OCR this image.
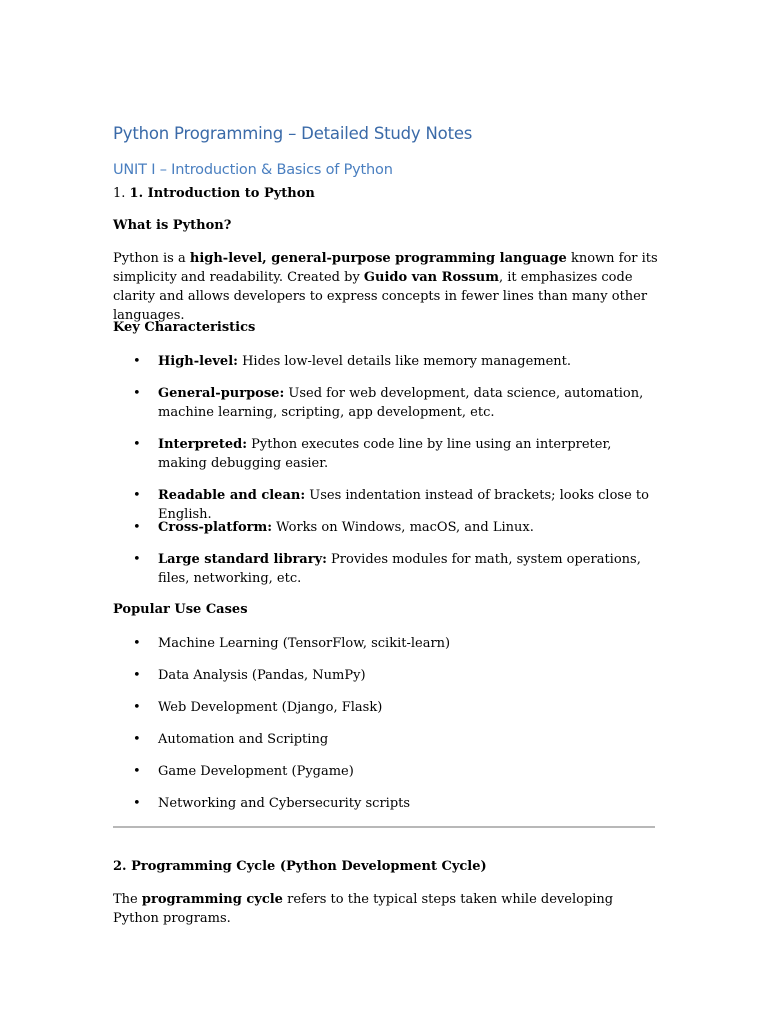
Python Programming – Detailed Study Notes
UNIT I – Introduction & Basics of Python
1. 1. Introduction to Python
What is Python?
Python is a high-level, general-purpose programming language known for its simplicity and readability. Created by Guido van Rossum, it emphasizes code clarity and allows developers to express concepts in fewer lines than many other languages.
Key Characteristics
• High-level: Hides low-level details like memory management.
• General-purpose: Used for web development, data science, automation, machine learning, scripting, app development, etc.
• Interpreted: Python executes code line by line using an interpreter, making debugging easier.
• Readable and clean: Uses indentation instead of brackets; looks close to English.
• Cross-platform: Works on Windows, macOS, and Linux.
• Large standard library: Provides modules for math, system operations, files, networking, etc.
Popular Use Cases
• Machine Learning (TensorFlow, scikit-learn)
• Data Analysis (Pandas, NumPy)
• Web Development (Django, Flask)
• Automation and Scripting
• Game Development (Pygame)
• Networking and Cybersecurity scripts
2. Programming Cycle (Python Development Cycle)
The programming cycle refers to the typical steps taken while developing Python programs.
